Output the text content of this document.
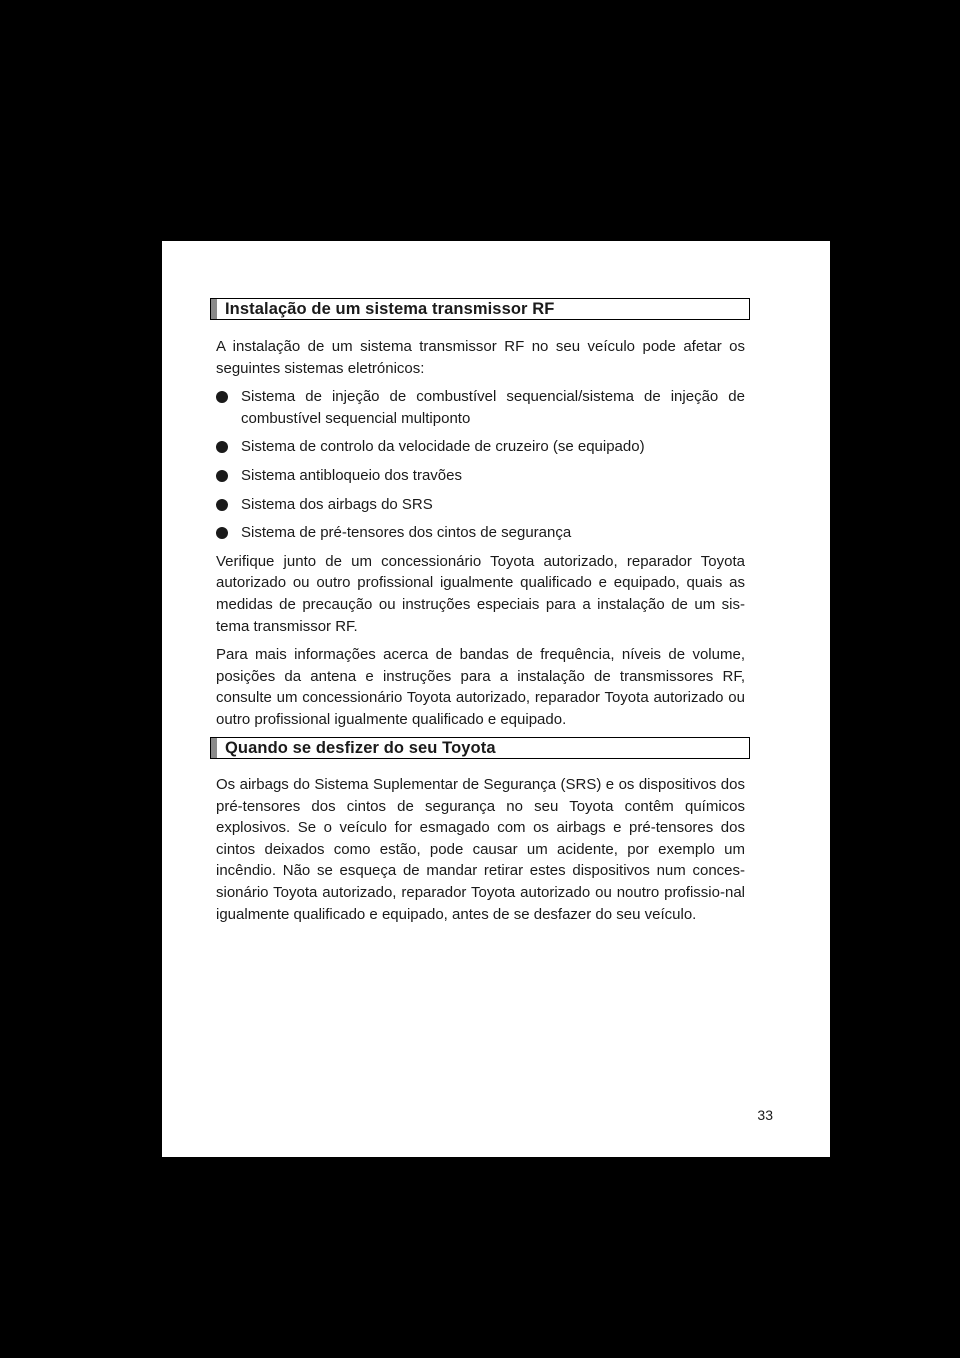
Instalação de um sistema transmissor RF

A instalação de um sistema transmissor RF no seu veículo pode afetar os seguintes sistemas eletrónicos:

Sistema de injeção de combustível sequencial/sistema de injeção de combustível sequencial multiponto
Sistema de controlo da velocidade de cruzeiro (se equipado)
Sistema antibloqueio dos travões
Sistema dos airbags do SRS
Sistema de pré-tensores dos cintos de segurança

Verifique junto de um concessionário Toyota autorizado, reparador Toyota autorizado ou outro profissional igualmente qualificado e equipado, quais as medidas de precaução ou instruções especiais para a instalação de um sis-tema transmissor RF.

Para mais informações acerca de bandas de frequência, níveis de volume, posições da antena e instruções para a instalação de transmissores RF, consulte um concessionário Toyota autorizado, reparador Toyota autorizado ou outro profissional igualmente qualificado e equipado.

Quando se desfizer do seu Toyota

Os airbags do Sistema Suplementar de Segurança (SRS) e os dispositivos dos pré-tensores dos cintos de segurança no seu Toyota contêm químicos explosivos. Se o veículo for esmagado com os airbags e pré-tensores dos cintos deixados como estão, pode causar um acidente, por exemplo um incêndio. Não se esqueça de mandar retirar estes dispositivos num conces-sionário Toyota autorizado, reparador Toyota autorizado ou noutro profissio-nal igualmente qualificado e equipado, antes de se desfazer do seu veículo.

33
